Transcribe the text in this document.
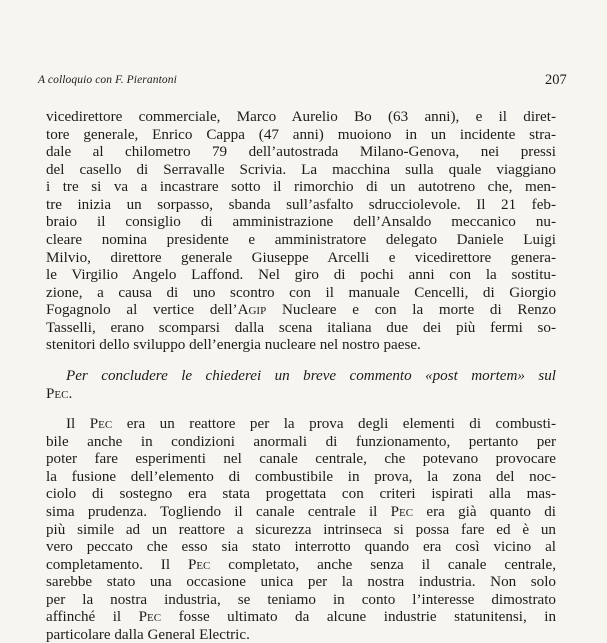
A colloquio con F. Pierantoni	207
vicedirettore commerciale, Marco Aurelio Bo (63 anni), e il diret-
tore generale, Enrico Cappa (47 anni) muoiono in un incidente stra-
dale al chilometro 79 dell’autostrada Milano-Genova, nei pressi
del casello di Serravalle Scrivia. La macchina sulla quale viaggiano
i tre si va a incastrare sotto il rimorchio di un autotreno che, men-
tre inizia un sorpasso, sbanda sull’asfalto sdrucciolevole. Il 21 feb-
braio il consiglio di amministrazione dell’Ansaldo meccanico nu-
cleare nomina presidente e amministratore delegato Daniele Luigi
Milvio, direttore generale Giuseppe Arcelli e vicedirettore genera-
le Virgilio Angelo Laffond. Nel giro di pochi anni con la sostitu-
zione, a causa di uno scontro con il manuale Cencelli, di Giorgio
Fogagnolo al vertice dell’Agip Nucleare e con la morte di Renzo
Tasselli, erano scomparsi dalla scena italiana due dei più fermi so-
stenitori dello sviluppo dell’energia nucleare nel nostro paese.
Per concludere le chiederei un breve commento «post mortem» sul
Pec.
Il Pec era un reattore per la prova degli elementi di combusti-
bile anche in condizioni anormali di funzionamento, pertanto per
poter fare esperimenti nel canale centrale, che potevano provocare
la fusione dell’elemento di combustibile in prova, la zona del noc-
ciolo di sostegno era stata progettata con criteri ispirati alla mas-
sima prudenza. Togliendo il canale centrale il Pec era già quanto di
più simile ad un reattore a sicurezza intrinseca si possa fare ed è un
vero peccato che esso sia stato interrotto quando era così vicino al
completamento. Il Pec completato, anche senza il canale centrale,
sarebbe stato una occasione unica per la nostra industria. Non solo
per la nostra industria, se teniamo in conto l’interesse dimostrato
affinché il Pec fosse ultimato da alcune industrie statunitensi, in
particolare dalla General Electric.
